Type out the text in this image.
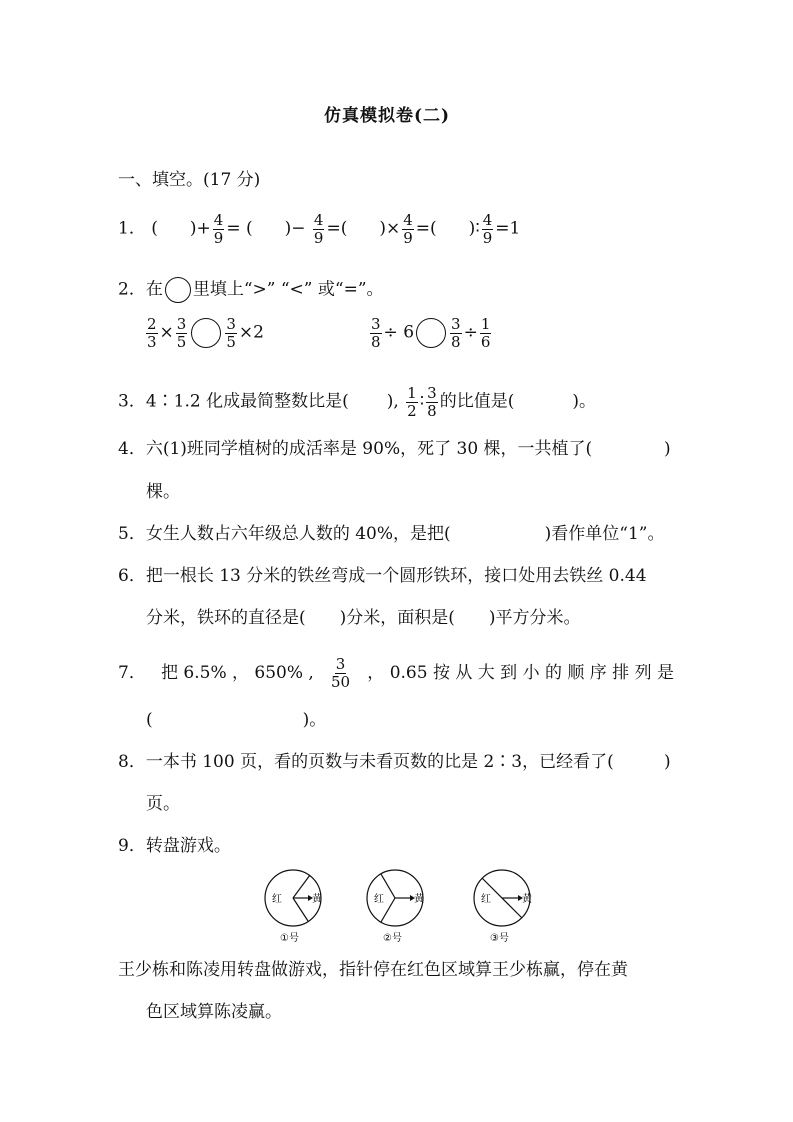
仿真模拟卷(二)
一、填空。(17 分)
1． ( )+ $\frac{4}{9}$ = ( )− $\frac{4}{9}$ =( )× $\frac{4}{9}$ =( )∶ $\frac{4}{9} =1$
2．在 里填上“>” “<” 或“=”。
$\frac{2}{3} \times \frac{3}{5}$	$\frac{3}{5} \times 2$	$\frac{3}{8} \div 6 \frac{3}{8} \div \frac{1}{6}$
3．4∶1.2 化成最简整数比是( ), $\frac{1}{2}$ ∶ $\frac{3}{8}$ 的比值是(	)。
4．六(1)班同学植树的成活率是 90%，死了 30 棵，一共植了(	)
棵。
5．女生人数占六年级总人数的 40%，是把(	)看作单位“1”。
6．把一根长 13 分米的铁丝弯成一个圆形铁环，接口处用去铁丝 0.44
分米，铁环的直径是(　　)分米，面积是(　　)平方分米。
7． 把 6.5% ， 650% , $\frac{3}{50}$ ， 0.65 按 从 大 到 小 的 顺 序 排 列 是
(	)。
8．一本书 100 页，看的页数与未看页数的比是 2∶3，已经看了(	)
页。
9．转盘游戏。
红	黄
①号
红	黄
②号
红	黄
③号
王少栋和陈凌用转盘做游戏，指针停在红色区域算王少栋赢，停在黄
色区域算陈凌赢。
